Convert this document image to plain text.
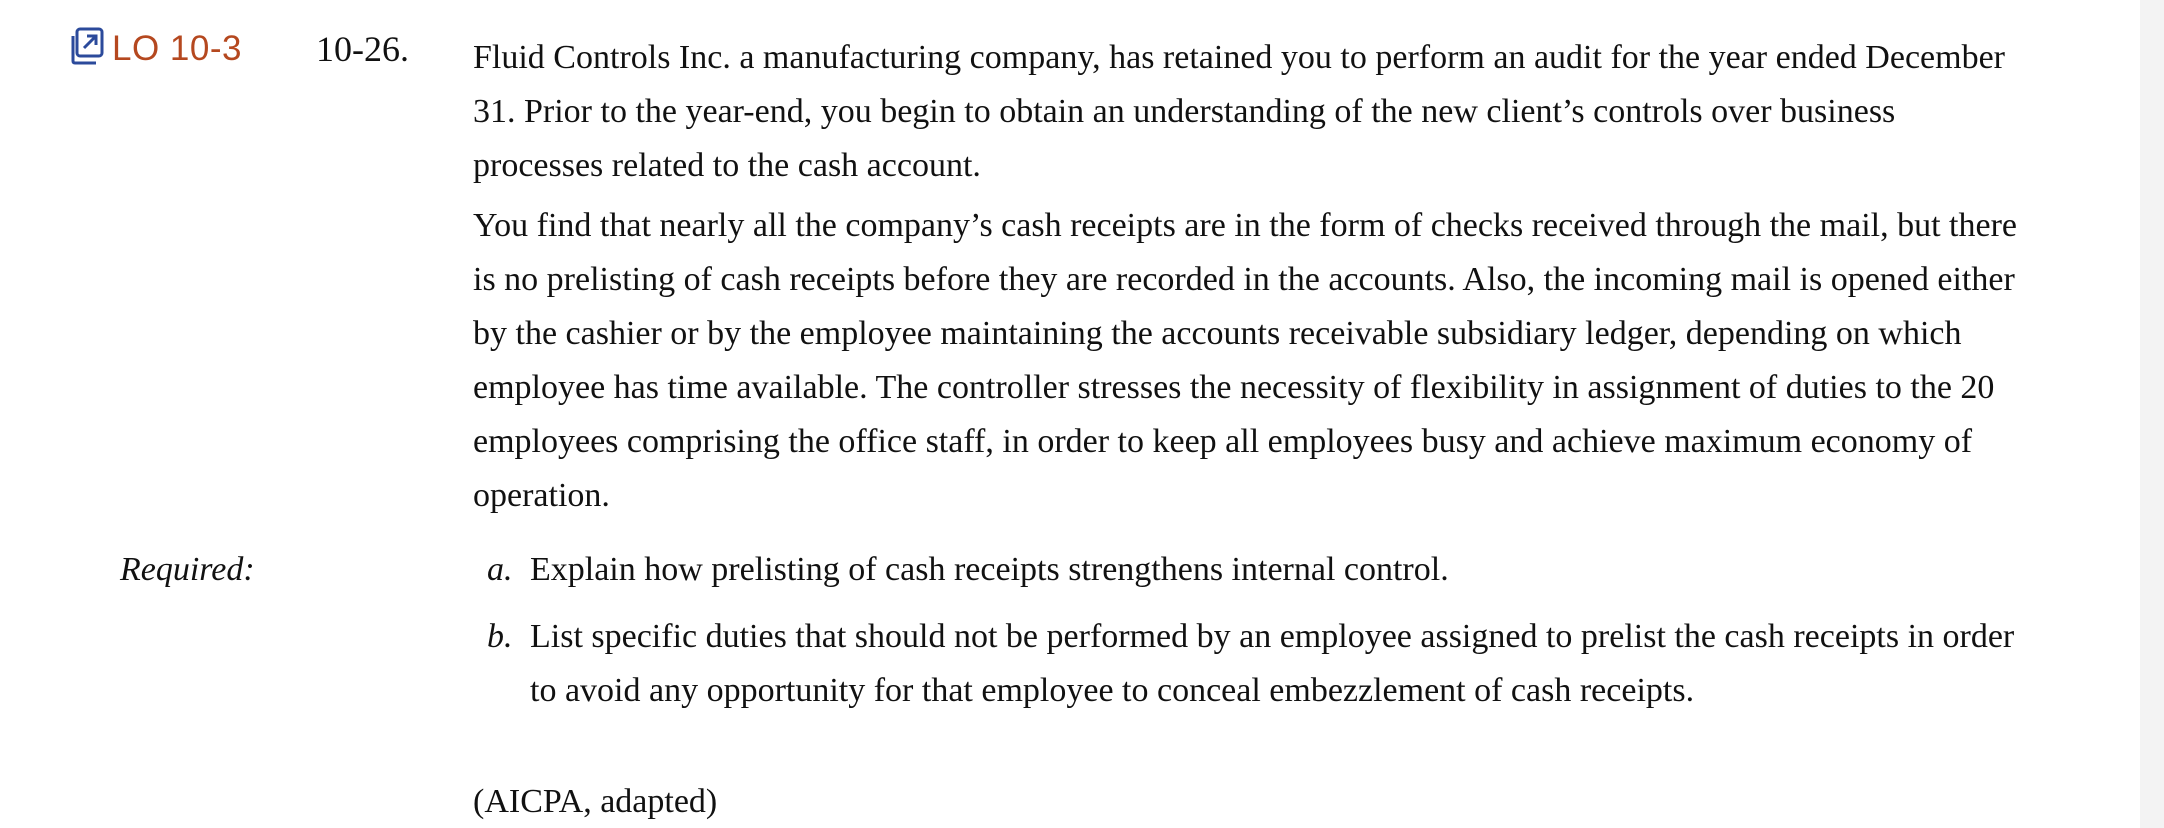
LO 10-3 10-26. Fluid Controls Inc. a manufacturing company, has retained you to perform an audit for the year ended December 31. Prior to the year-end, you begin to obtain an understanding of the new client’s controls over business processes related to the cash account.

You find that nearly all the company’s cash receipts are in the form of checks received through the mail, but there is no prelisting of cash receipts before they are recorded in the accounts. Also, the incoming mail is opened either by the cashier or by the employee maintaining the accounts receivable subsidiary ledger, depending on which employee has time available. The controller stresses the necessity of flexibility in assignment of duties to the 20 employees comprising the office staff, in order to keep all employees busy and achieve maximum economy of operation.

Required:	a. Explain how prelisting of cash receipts strengthens internal control.
b. List specific duties that should not be performed by an employee assigned to prelist the cash receipts in order to avoid any opportunity for that employee to conceal embezzlement of cash receipts.
(AICPA, adapted)
